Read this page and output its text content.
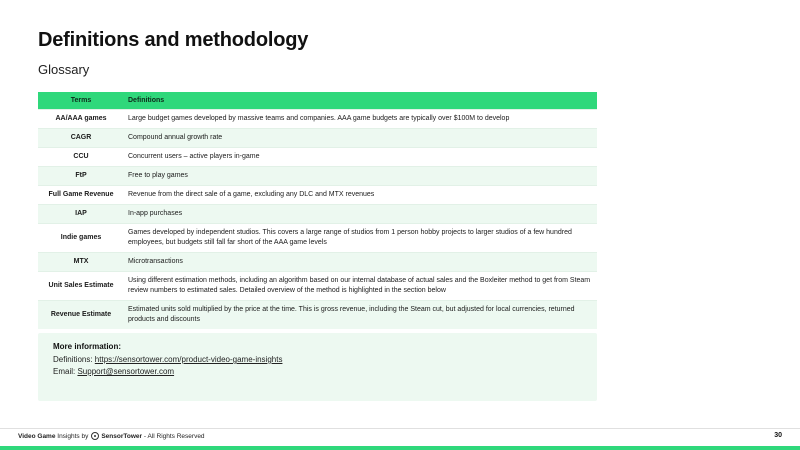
Definitions and methodology
Glossary
Terms	Definitions
AA/AAA games	Large budget games developed by massive teams and companies. AAA game budgets are typically over $100M to develop
CAGR	Compound annual growth rate
CCU	Concurrent users – active players in-game
FtP	Free to play games
Full Game Revenue	Revenue from the direct sale of a game, excluding any DLC and MTX revenues
IAP	In-app purchases
Indie games	Games developed by independent studios. This covers a large range of studios from 1 person hobby projects to larger studios of a few hundred employees, but budgets still fall far short of the AAA game levels
MTX	Microtransactions
Unit Sales Estimate	Using different estimation methods, including an algorithm based on our internal database of actual sales and the Boxleiter method to get from Steam review numbers to estimated sales. Detailed overview of the method is highlighted in the section below
Revenue Estimate	Estimated units sold multiplied by the price at the time. This is gross revenue, including the Steam cut, but adjusted for local currencies, returned products and discounts
More information:
Definitions: https://sensortower.com/product-video-game-insights
Email: Support@sensortower.com
Video Game Insights by SensorTower - All Rights Reserved	30
